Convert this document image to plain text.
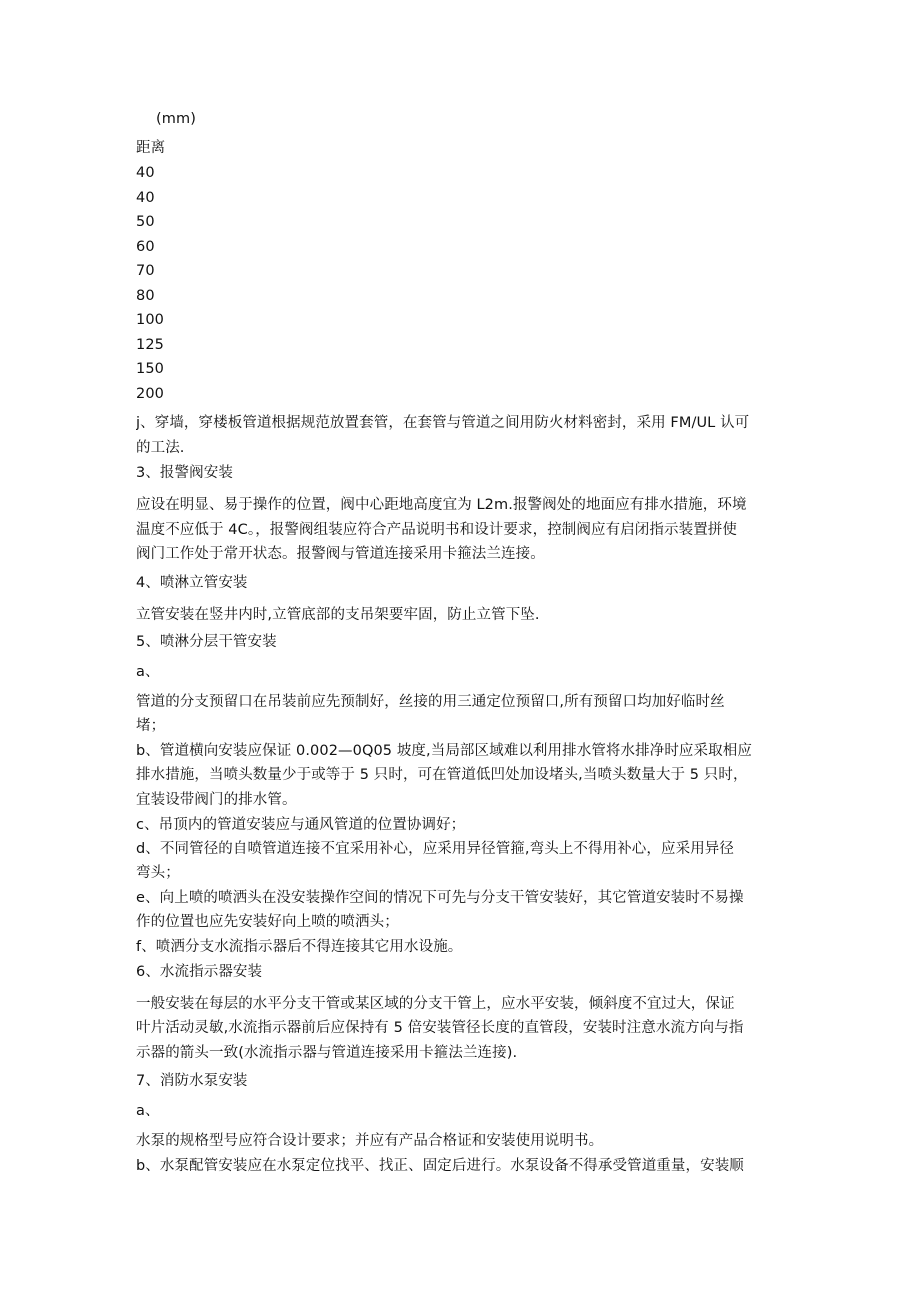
(mm)
距离
40
40
50
60
70
80
100
125
150
200
j、穿墙，穿楼板管道根据规范放置套管，在套管与管道之间用防火材料密封，采用 FM/UL 认可
的工法.
3、报警阀安装
应设在明显、易于操作的位置，阀中心距地高度宜为 L2m.报警阀处的地面应有排水措施，环境
温度不应低于 4C。，报警阀组装应符合产品说明书和设计要求，控制阀应有启闭指示装置拼使
阀门工作处于常开状态。报警阀与管道连接采用卡箍法兰连接。
4、喷淋立管安装
立管安装在竖井内时,立管底部的支吊架要牢固，防止立管下坠.
5、喷淋分层干管安装
a、
管道的分支预留口在吊装前应先预制好，丝接的用三通定位预留口,所有预留口均加好临时丝
堵；
b、管道横向安装应保证 0.002—0Q05 坡度,当局部区域难以利用排水管将水排净时应采取相应
排水措施，当喷头数量少于或等于 5 只时，可在管道低凹处加设堵头,当喷头数量大于 5 只时，
宜装设带阀门的排水管。
c、吊顶内的管道安装应与通风管道的位置协调好；
d、不同管径的自喷管道连接不宜采用补心，应采用异径管箍,弯头上不得用补心，应采用异径
弯头；
e、向上喷的喷洒头在没安装操作空间的情况下可先与分支干管安装好，其它管道安装时不易操
作的位置也应先安装好向上喷的喷洒头；
f、喷洒分支水流指示器后不得连接其它用水设施。
6、水流指示器安装
一般安装在每层的水平分支干管或某区域的分支干管上，应水平安装，倾斜度不宜过大，保证
叶片活动灵敏,水流指示器前后应保持有 5 倍安装管径长度的直管段，安装时注意水流方向与指
示器的箭头一致(水流指示器与管道连接采用卡箍法兰连接).
7、消防水泵安装
a、
水泵的规格型号应符合设计要求；并应有产品合格证和安装使用说明书。
b、水泵配管安装应在水泵定位找平、找正、固定后进行。水泵设备不得承受管道重量，安装顺
